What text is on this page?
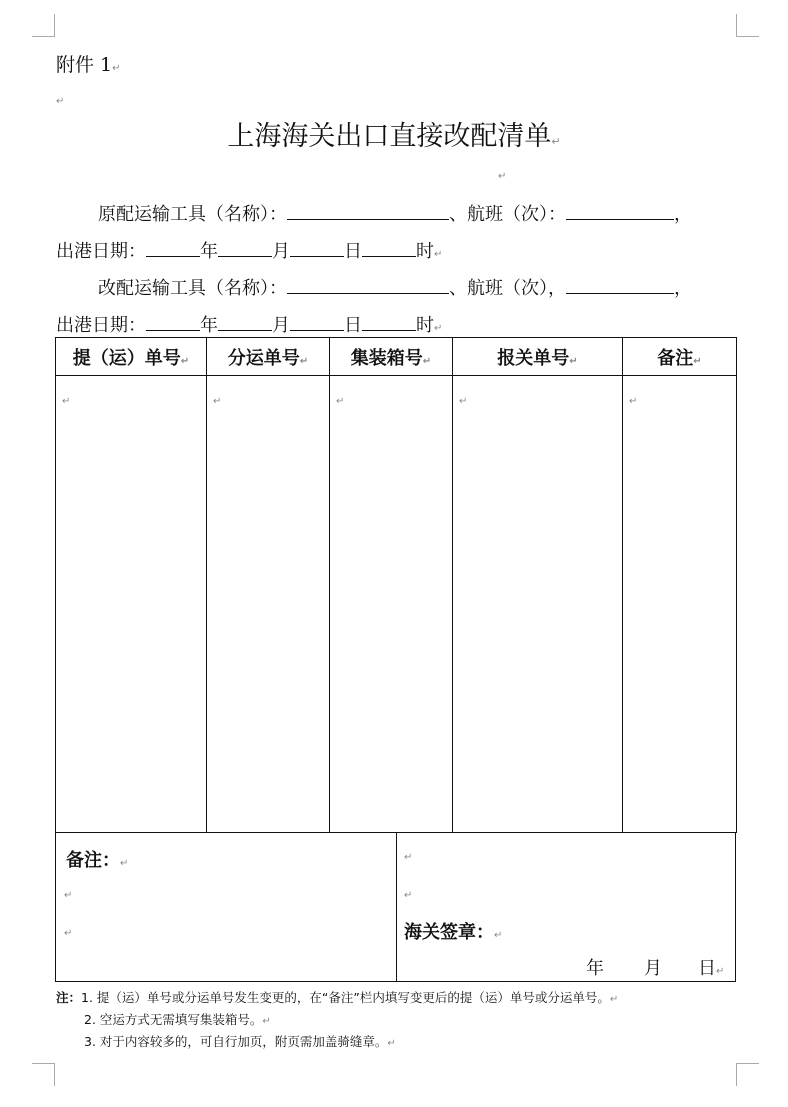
附件 1↵
↵
上海海关出口直接改配清单↵
↵
原配运输工具（名称）：	、航班（次）：	，
出港日期：	年	月	日	时↵
改配运输工具（名称）：	、航班（次），	，
出港日期：	年	月	日	时↵
提（运）单号↵	分运单号↵	集装箱号↵	报关单号↵	备注↵

↵	↵	↵	↵	↵
备注：↵
↵
↵
↵
↵
海关签章：↵
年 月 日↵
注：1. 提（运）单号或分运单号发生变更的，在“备注”栏内填写变更后的提（运）单号或分运单号。↵
2. 空运方式无需填写集装箱号。↵
3. 对于内容较多的，可自行加页，附页需加盖骑缝章。↵
